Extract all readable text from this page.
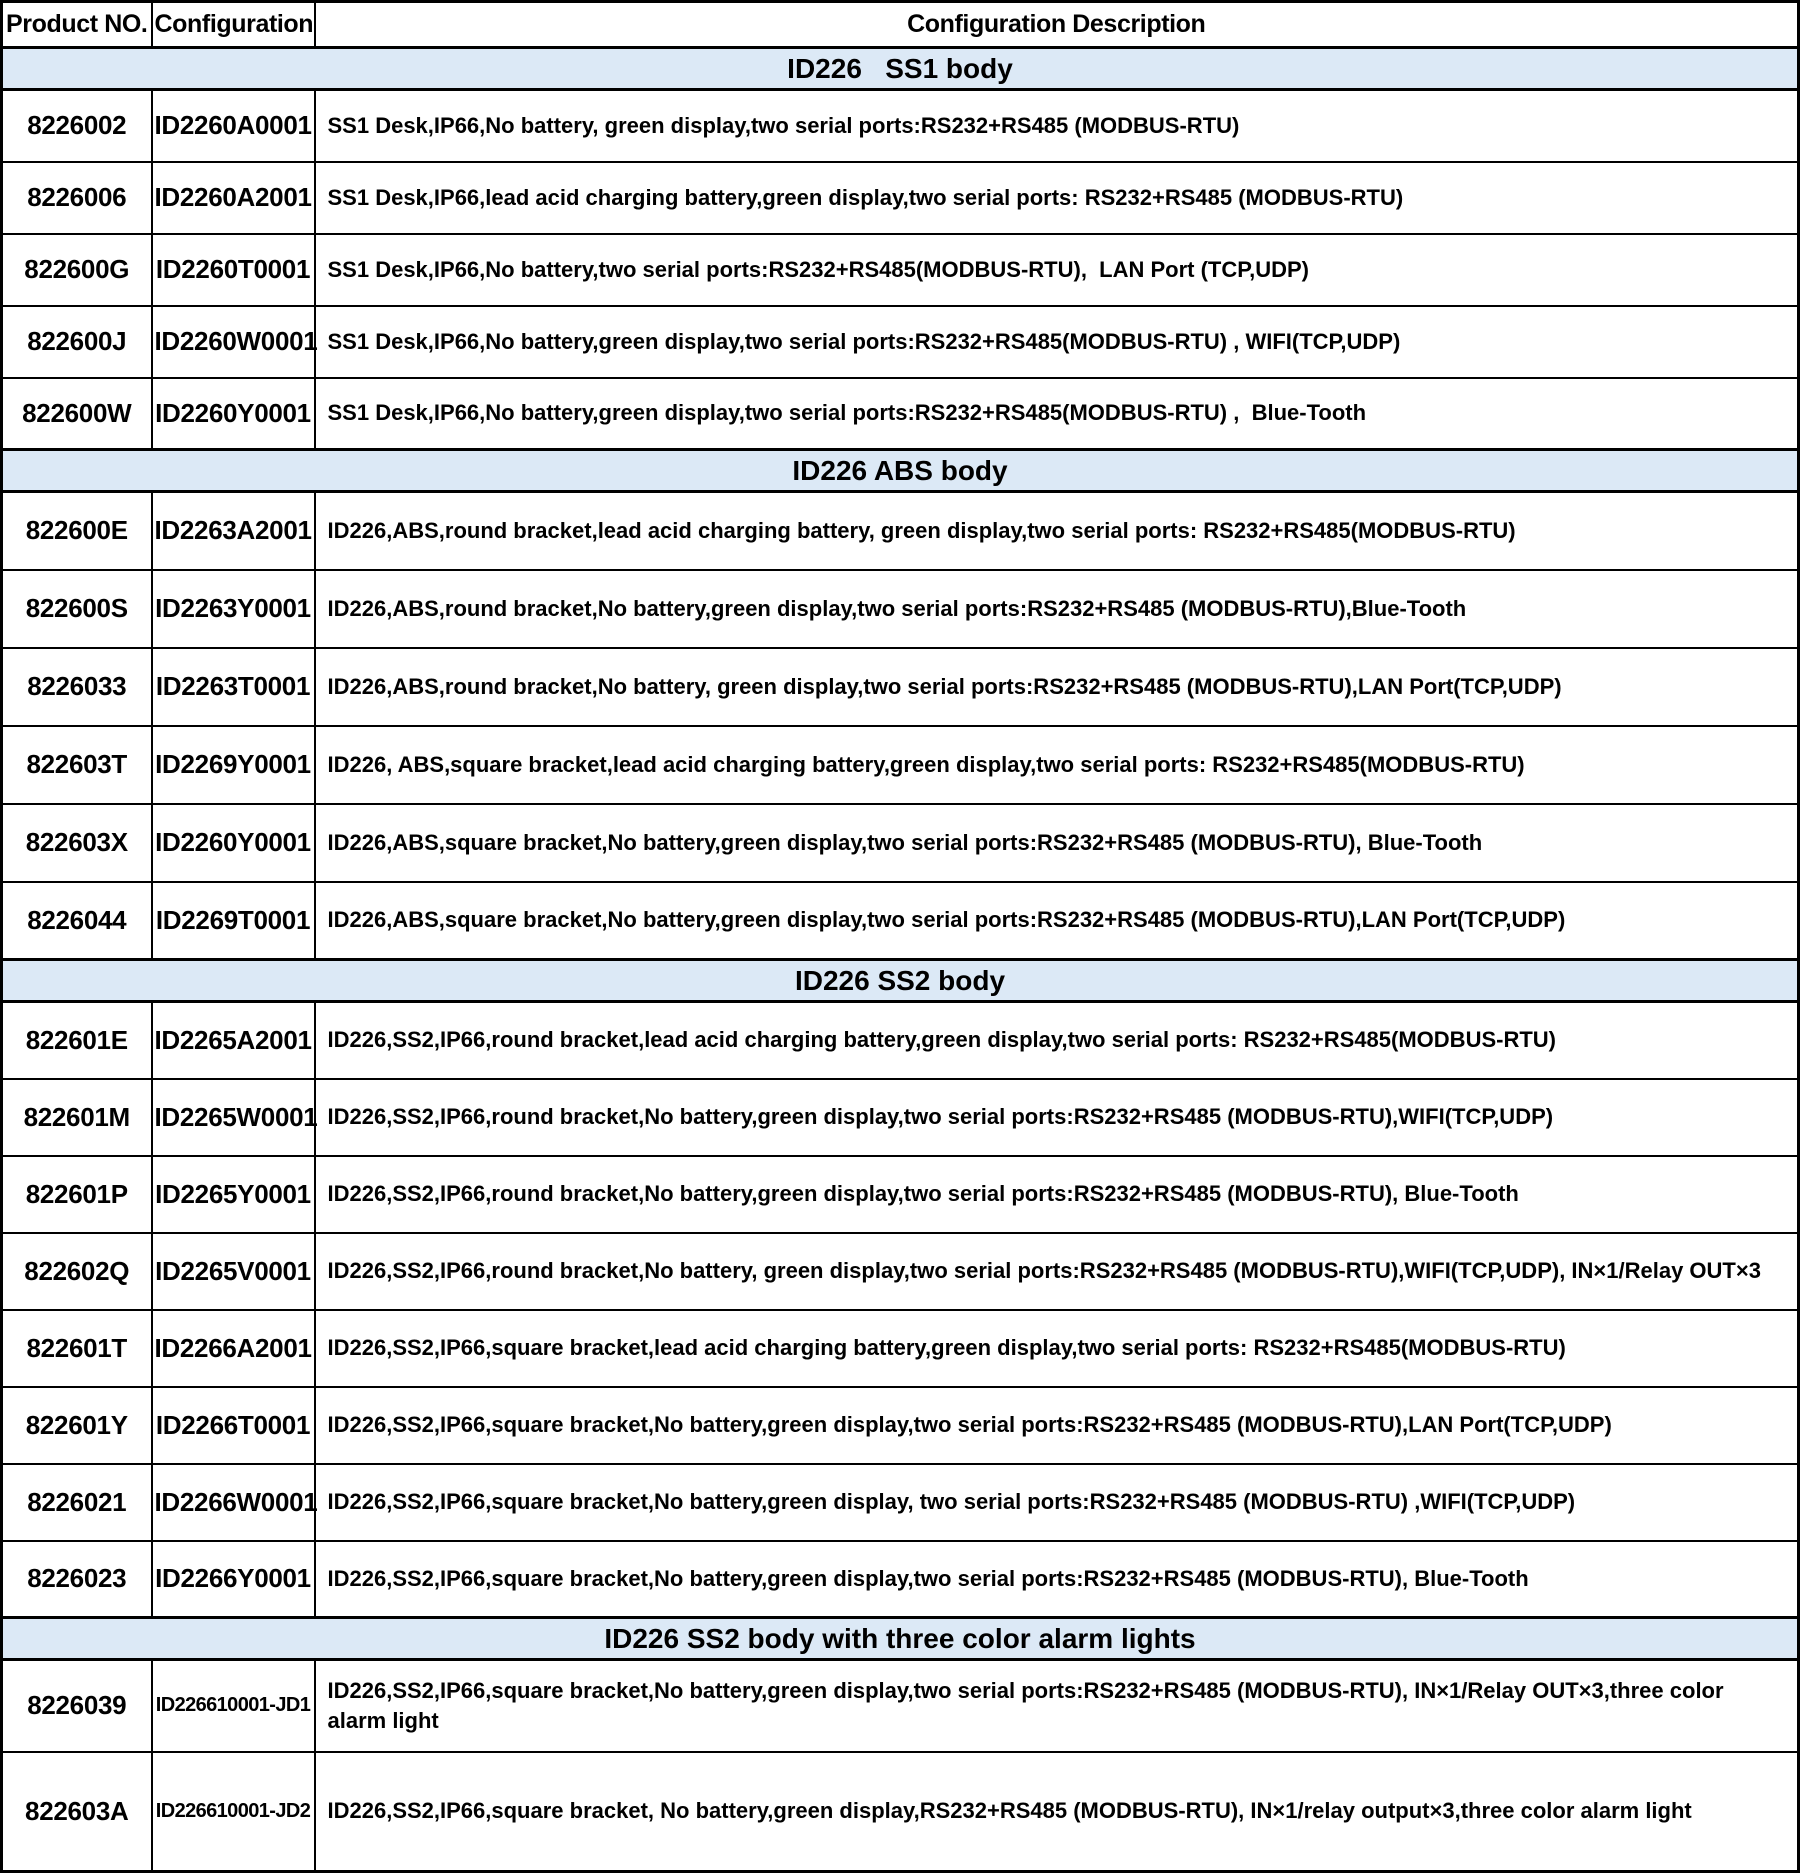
Product NO.	Configuration	Configuration Description
ID226   SS1 body		
8226002	ID2260A0001	SS1 Desk,IP66,No battery, green display,two serial ports:RS232+RS485 (MODBUS-RTU)
8226006	ID2260A2001	SS1 Desk,IP66,lead acid charging battery,green display,two serial ports: RS232+RS485 (MODBUS-RTU)
822600G	ID2260T0001	SS1 Desk,IP66,No battery,two serial ports:RS232+RS485(MODBUS-RTU),  LAN Port (TCP,UDP)
822600J	ID2260W0001	SS1 Desk,IP66,No battery,green display,two serial ports:RS232+RS485(MODBUS-RTU) , WIFI(TCP,UDP)
822600W	ID2260Y0001	SS1 Desk,IP66,No battery,green display,two serial ports:RS232+RS485(MODBUS-RTU) ,  Blue-Tooth
ID226 ABS body		
822600E	ID2263A2001	ID226,ABS,round bracket,lead acid charging battery, green display,two serial ports: RS232+RS485(MODBUS-RTU)
822600S	ID2263Y0001	ID226,ABS,round bracket,No battery,green display,two serial ports:RS232+RS485 (MODBUS-RTU),Blue-Tooth
8226033	ID2263T0001	ID226,ABS,round bracket,No battery, green display,two serial ports:RS232+RS485 (MODBUS-RTU),LAN Port(TCP,UDP)
822603T	ID2269Y0001	ID226, ABS,square bracket,lead acid charging battery,green display,two serial ports: RS232+RS485(MODBUS-RTU)
822603X	ID2260Y0001	ID226,ABS,square bracket,No battery,green display,two serial ports:RS232+RS485 (MODBUS-RTU), Blue-Tooth
8226044	ID2269T0001	ID226,ABS,square bracket,No battery,green display,two serial ports:RS232+RS485 (MODBUS-RTU),LAN Port(TCP,UDP)
ID226 SS2 body		
822601E	ID2265A2001	ID226,SS2,IP66,round bracket,lead acid charging battery,green display,two serial ports: RS232+RS485(MODBUS-RTU)
822601M	ID2265W0001	ID226,SS2,IP66,round bracket,No battery,green display,two serial ports:RS232+RS485 (MODBUS-RTU),WIFI(TCP,UDP)
822601P	ID2265Y0001	ID226,SS2,IP66,round bracket,No battery,green display,two serial ports:RS232+RS485 (MODBUS-RTU), Blue-Tooth
822602Q	ID2265V0001	ID226,SS2,IP66,round bracket,No battery, green display,two serial ports:RS232+RS485 (MODBUS-RTU),WIFI(TCP,UDP), IN×1/Relay OUT×3
822601T	ID2266A2001	ID226,SS2,IP66,square bracket,lead acid charging battery,green display,two serial ports: RS232+RS485(MODBUS-RTU)
822601Y	ID2266T0001	ID226,SS2,IP66,square bracket,No battery,green display,two serial ports:RS232+RS485 (MODBUS-RTU),LAN Port(TCP,UDP)
8226021	ID2266W0001	ID226,SS2,IP66,square bracket,No battery,green display, two serial ports:RS232+RS485 (MODBUS-RTU) ,WIFI(TCP,UDP)
8226023	ID2266Y0001	ID226,SS2,IP66,square bracket,No battery,green display,two serial ports:RS232+RS485 (MODBUS-RTU), Blue-Tooth
ID226 SS2 body with three color alarm lights		
8226039	ID226610001-JD1	ID226,SS2,IP66,square bracket,No battery,green display,two serial ports:RS232+RS485 (MODBUS-RTU), IN×1/Relay OUT×3,three color alarm light
822603A	ID226610001-JD2	ID226,SS2,IP66,square bracket, No battery,green display,RS232+RS485 (MODBUS-RTU), IN×1/relay output×3,three color alarm light
